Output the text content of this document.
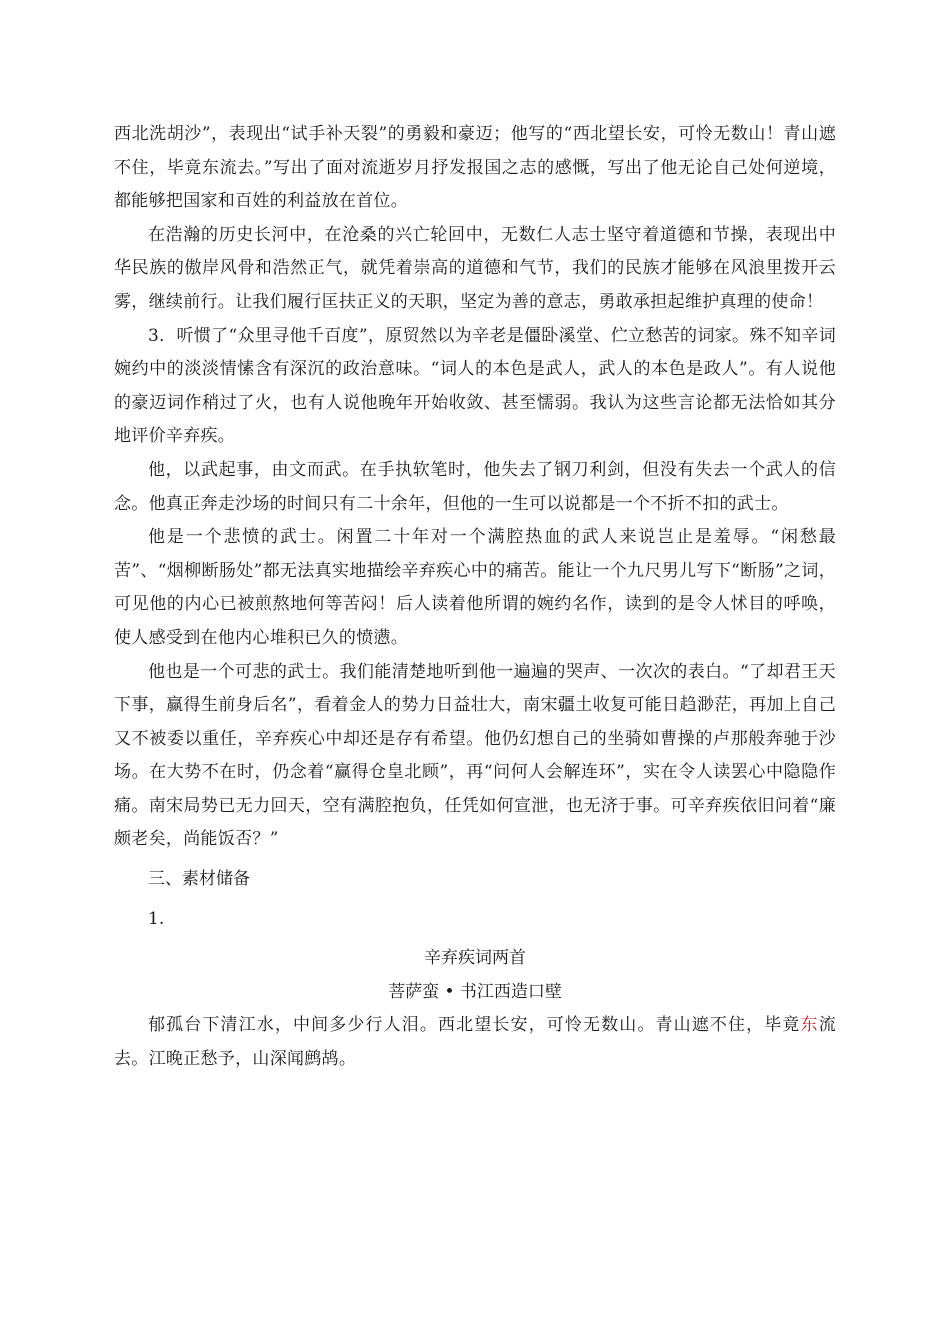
西北洗胡沙”，表现出“试手补天裂”的勇毅和豪迈；他写的“西北望长安，可怜无数山！青山遮不住，毕竟东流去。”写出了面对流逝岁月抒发报国之志的感慨，写出了他无论自己处何逆境，都能够把国家和百姓的利益放在首位。

在浩瀚的历史长河中，在沧桑的兴亡轮回中，无数仁人志士坚守着道德和节操，表现出中华民族的傲岸风骨和浩然正气，就凭着崇高的道德和气节，我们的民族才能够在风浪里拨开云雾，继续前行。让我们履行匡扶正义的天职，坚定为善的意志，勇敢承担起维护真理的使命！

3．听惯了“众里寻他千百度”，原贸然以为辛老是僵卧溪堂、伫立愁苦的词家。殊不知辛词婉约中的淡淡情愫含有深沉的政治意味。“词人的本色是武人，武人的本色是政人”。有人说他的豪迈词作稍过了火，也有人说他晚年开始收敛、甚至懦弱。我认为这些言论都无法恰如其分地评价辛弃疾。

他，以武起事，由文而武。在手执软笔时，他失去了钢刀利剑，但没有失去一个武人的信念。他真正奔走沙场的时间只有二十余年，但他的一生可以说都是一个不折不扣的武士。

他是一个悲愤的武士。闲置二十年对一个满腔热血的武人来说岂止是羞辱。“闲愁最苦”、“烟柳断肠处”都无法真实地描绘辛弃疾心中的痛苦。能让一个九尺男儿写下“断肠”之词，可见他的内心已被煎熬地何等苦闷！后人读着他所谓的婉约名作，读到的是令人怵目的呼唤，使人感受到在他内心堆积已久的愤懑。

他也是一个可悲的武士。我们能清楚地听到他一遍遍的哭声、一次次的表白。“了却君王天下事，赢得生前身后名”，看着金人的势力日益壮大，南宋疆土收复可能日趋渺茫，再加上自己又不被委以重任，辛弃疾心中却还是存有希望。他仍幻想自己的坐骑如曹操的卢那般奔驰于沙场。在大势不在时，仍念着“赢得仓皇北顾”，再“问何人会解连环”，实在令人读罢心中隐隐作痛。南宋局势已无力回天，空有满腔抱负，任凭如何宣泄，也无济于事。可辛弃疾依旧问着“廉颇老矣，尚能饭否？”

三、素材储备

1.

辛弃疾词两首

菩萨蛮 • 书江西造口壁

郁孤台下清江水，中间多少行人泪。西北望长安，可怜无数山。青山遮不住，毕竟东流去。江晚正愁予，山深闻鹧鸪。
